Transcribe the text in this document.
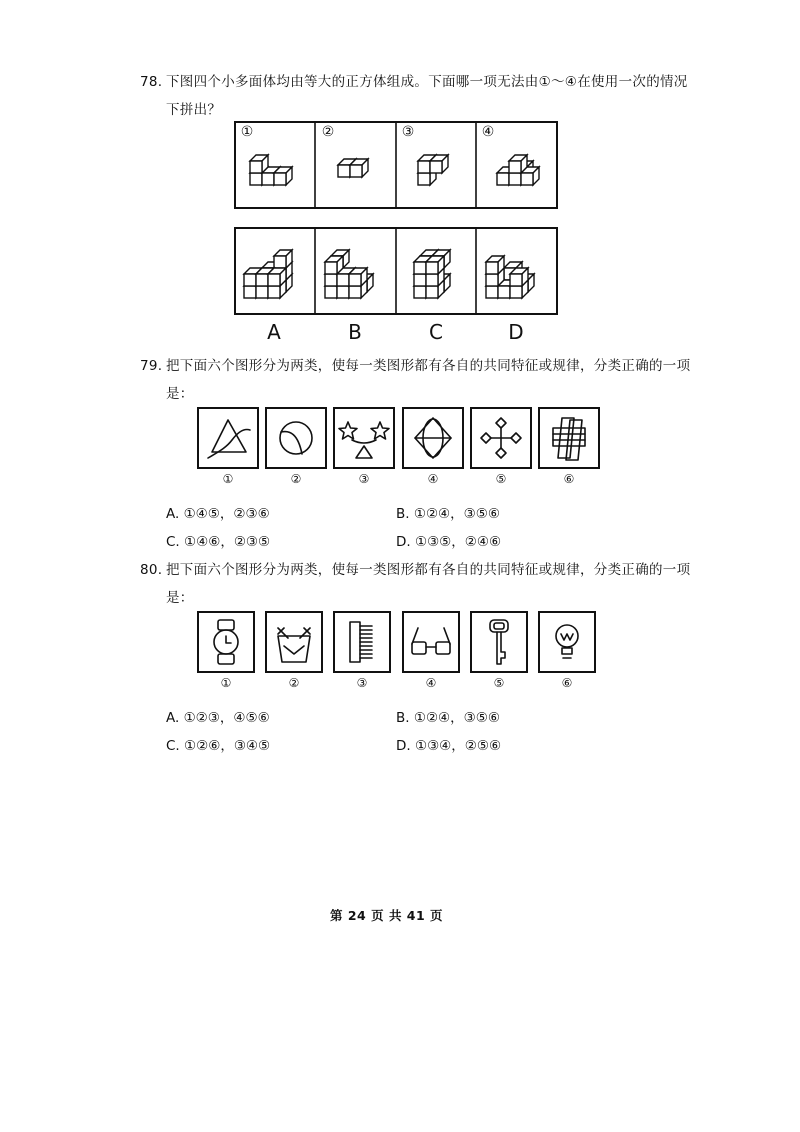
78. 下图四个小多面体均由等大的正方体组成。下面哪一项无法由①～④在使用一次的情况
下拼出？
①	②	③	④
A	B	C	D
79. 把下面六个图形分为两类，使每一类图形都有各自的共同特征或规律，分类正确的一项
是：
①	②	③	④	⑤	⑥
A. ①④⑤，②③⑥	B. ①②④，③⑤⑥
C. ①④⑥，②③⑤	D. ①③⑤，②④⑥
80. 把下面六个图形分为两类，使每一类图形都有各自的共同特征或规律，分类正确的一项
是：
①	②	③	④	⑤	⑥
A. ①②③，④⑤⑥	B. ①②④，③⑤⑥
C. ①②⑥，③④⑤	D. ①③④，②⑤⑥
第 24 页 共 41 页
